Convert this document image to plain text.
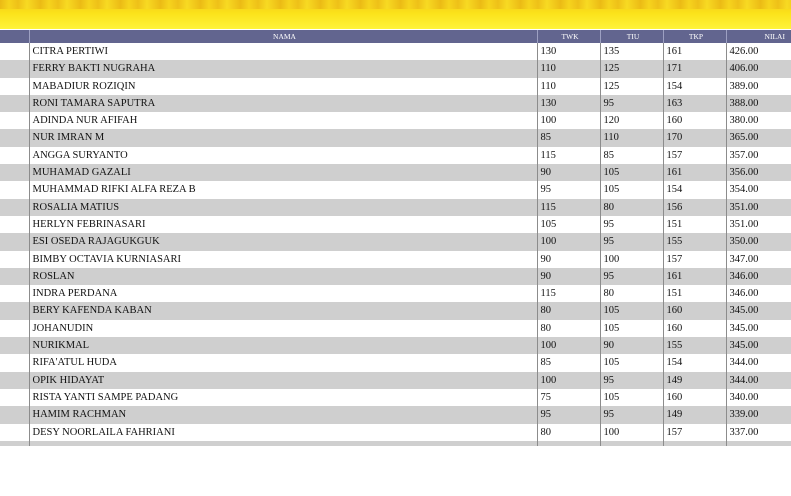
	NAMA	TWK	TIU	TKP	NILAI
	CITRA PERTIWI	130	135	161	426.00
	FERRY BAKTI NUGRAHA	110	125	171	406.00
	MABADIUR ROZIQIN	110	125	154	389.00
	RONI TAMARA SAPUTRA	130	95	163	388.00
	ADINDA NUR AFIFAH	100	120	160	380.00
	NUR IMRAN M	85	110	170	365.00
	ANGGA SURYANTO	115	85	157	357.00
	MUHAMAD GAZALI	90	105	161	356.00
	MUHAMMAD RIFKI ALFA REZA B	95	105	154	354.00
	ROSALIA MATIUS	115	80	156	351.00
	HERLYN FEBRINASARI	105	95	151	351.00
	ESI OSEDA RAJAGUKGUK	100	95	155	350.00
	BIMBY OCTAVIA KURNIASARI	90	100	157	347.00
	ROSLAN	90	95	161	346.00
	INDRA PERDANA	115	80	151	346.00
	BERY KAFENDA KABAN	80	105	160	345.00
	JOHANUDIN	80	105	160	345.00
	NURIKMAL	100	90	155	345.00
	RIFA'ATUL HUDA	85	105	154	344.00
	OPIK HIDAYAT	100	95	149	344.00
	RISTA YANTI SAMPE PADANG	75	105	160	340.00
	HAMIM RACHMAN	95	95	149	339.00
	DESY NOORLAILA FAHRIANI	80	100	157	337.00
